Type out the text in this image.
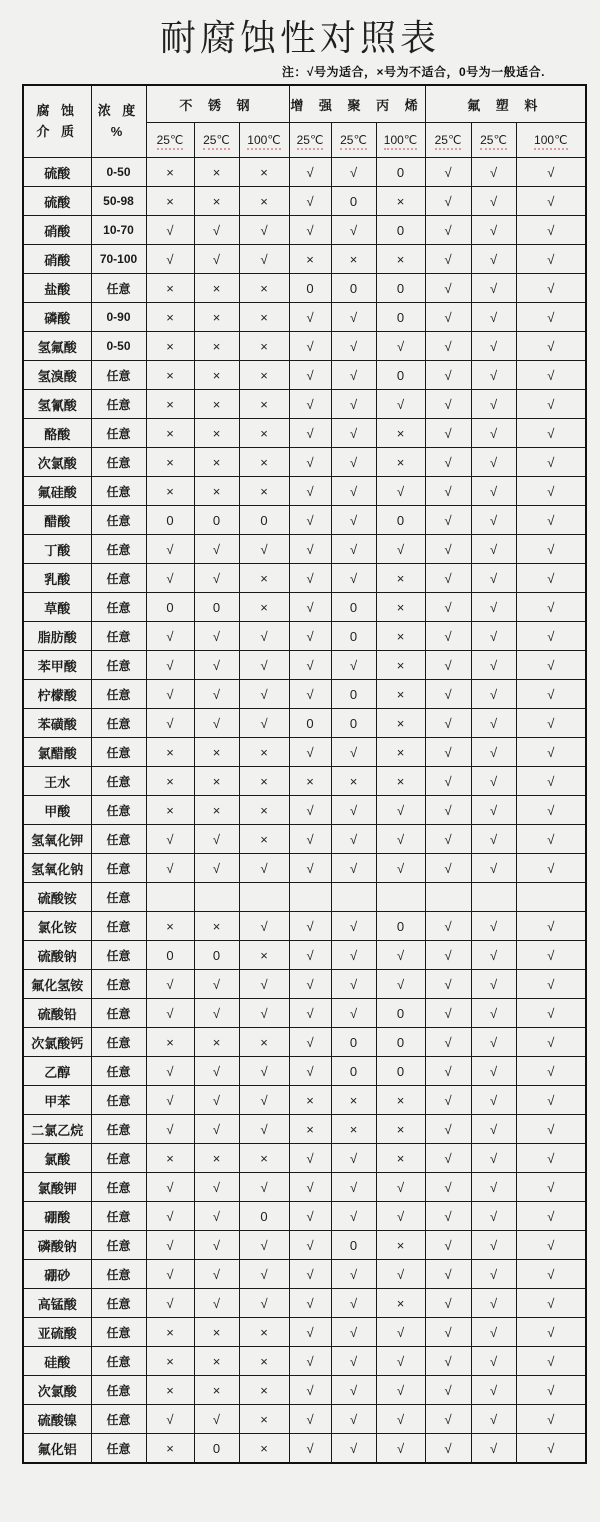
耐腐蚀性对照表
注：√号为适合，×号为不适合，0号为一般适合.
腐 蚀
介 质

浓 度
%
	不 锈 钢	增 强 聚 丙 烯	氟 塑 料
		25℃	25℃	100℃	25℃	25℃	100℃	25℃	25℃	100℃
硫酸	0-50	×	×	×	√	√	0	√	√	√
硫酸	50-98	×	×	×	√	0	×	√	√	√
硝酸	10-70	√	√	√	√	√	0	√	√	√
硝酸	70-100	√	√	√	×	×	×	√	√	√
盐酸	任意	×	×	×	0	0	0	√	√	√
磷酸	0-90	×	×	×	√	√	0	√	√	√
氢氟酸	0-50	×	×	×	√	√	√	√	√	√
氢溴酸	任意	×	×	×	√	√	0	√	√	√
氢氰酸	任意	×	×	×	√	√	√	√	√	√
酪酸	任意	×	×	×	√	√	×	√	√	√
次氯酸	任意	×	×	×	√	√	×	√	√	√
氟硅酸	任意	×	×	×	√	√	√	√	√	√
醋酸	任意	0	0	0	√	√	0	√	√	√
丁酸	任意	√	√	√	√	√	√	√	√	√
乳酸	任意	√	√	×	√	√	×	√	√	√
草酸	任意	0	0	×	√	0	×	√	√	√
脂肪酸	任意	√	√	√	√	0	×	√	√	√
苯甲酸	任意	√	√	√	√	√	×	√	√	√
柠檬酸	任意	√	√	√	√	0	×	√	√	√
苯磺酸	任意	√	√	√	0	0	×	√	√	√
氯醋酸	任意	×	×	×	√	√	×	√	√	√
王水	任意	×	×	×	×	×	×	√	√	√
甲酸	任意	×	×	×	√	√	√	√	√	√
氢氧化钾	任意	√	√	×	√	√	√	√	√	√
氢氧化钠	任意	√	√	√	√	√	√	√	√	√
硫酸铵	任意									
氯化铵	任意	×	×	√	√	√	0	√	√	√
硫酸钠	任意	0	0	×	√	√	√	√	√	√
氟化氢铵	任意	√	√	√	√	√	√	√	√	√
硫酸铅	任意	√	√	√	√	√	0	√	√	√
次氯酸钙	任意	×	×	×	√	0	0	√	√	√
乙醇	任意	√	√	√	√	0	0	√	√	√
甲苯	任意	√	√	√	×	×	×	√	√	√
二氯乙烷	任意	√	√	√	×	×	×	√	√	√
氯酸	任意	×	×	×	√	√	×	√	√	√
氯酸钾	任意	√	√	√	√	√	√	√	√	√
硼酸	任意	√	√	0	√	√	√	√	√	√
磷酸钠	任意	√	√	√	√	0	×	√	√	√
硼砂	任意	√	√	√	√	√	√	√	√	√
高锰酸	任意	√	√	√	√	√	×	√	√	√
亚硫酸	任意	×	×	×	√	√	√	√	√	√
硅酸	任意	×	×	×	√	√	√	√	√	√
次氯酸	任意	×	×	×	√	√	√	√	√	√
硫酸镍	任意	√	√	×	√	√	√	√	√	√
氟化铝	任意	×	0	×	√	√	√	√	√	√
